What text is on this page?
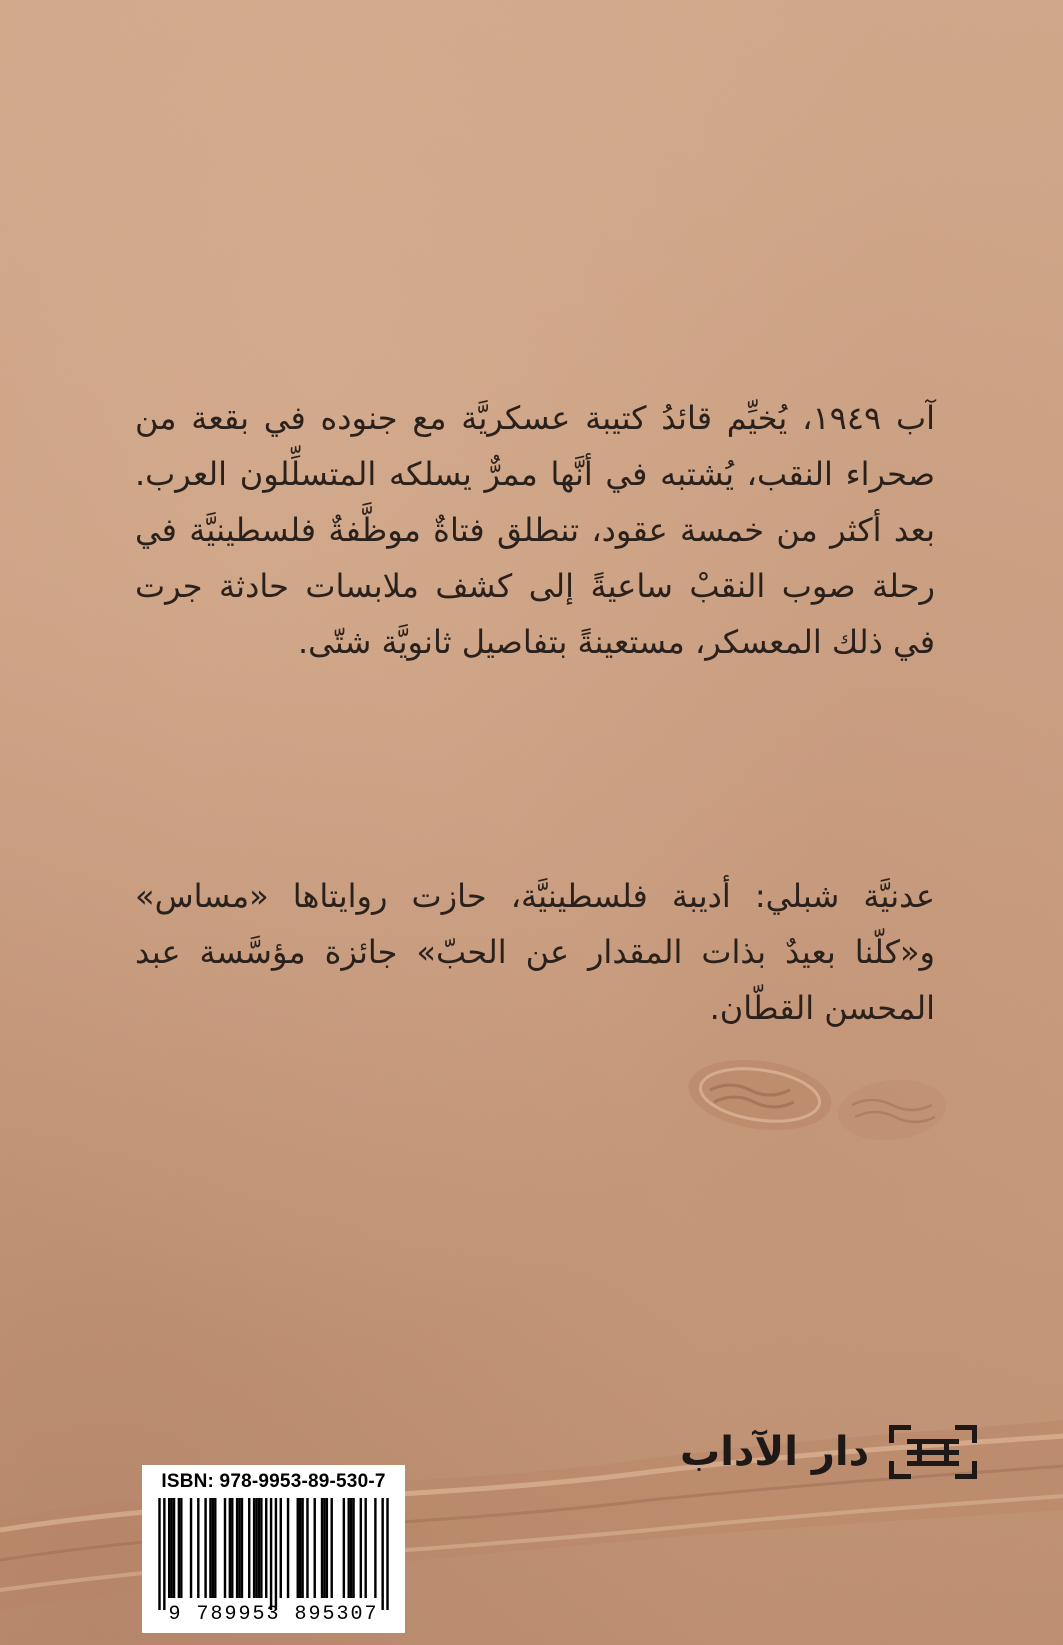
آب ١٩٤٩، يُخيِّم قائدُ كتيبة عسكريَّة مع جنوده في بقعة من صحراء النقب، يُشتبه في أنَّها ممرٌّ يسلكه المتسلِّلون العرب. بعد أكثر من خمسة عقود، تنطلق فتاةٌ موظَّفةٌ فلسطينيَّة في رحلة صوب النقبْ ساعيةً إلى كشف ملابسات حادثة جرت في ذلك المعسكر، مستعينةً بتفاصيل ثانويَّة شتّى.
عدنيَّة شبلي: أديبة فلسطينيَّة، حازت روايتاها «مساس» و«كلّنا بعيدٌ بذات المقدار عن الحبّ» جائزة مؤسَّسة عبد المحسن القطّان.
دار الآداب
ISBN: 978-9953-89-530-7
9 789953 895307
